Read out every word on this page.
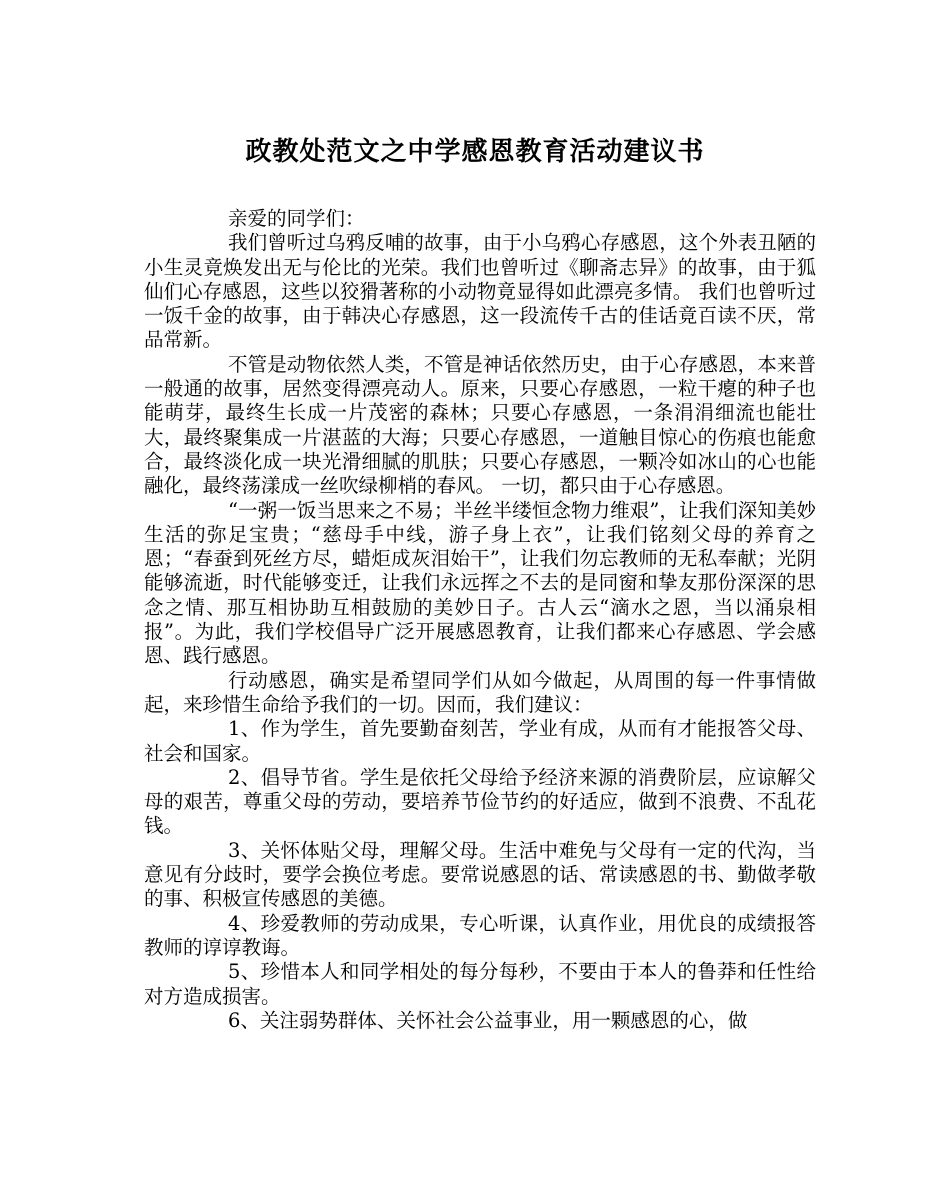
政教处范文之中学感恩教育活动建议书

亲爱的同学们：

我们曾听过乌鸦反哺的故事，由于小乌鸦心存感恩，这个外表丑陋的小生灵竟焕发出无与伦比的光荣。我们也曾听过《聊斋志异》的故事，由于狐仙们心存感恩，这些以狡猾著称的小动物竟显得如此漂亮多情。 我们也曾听过一饭千金的故事，由于韩决心存感恩，这一段流传千古的佳话竟百读不厌，常品常新。

不管是动物依然人类，不管是神话依然历史，由于心存感恩，本来普一般通的故事，居然变得漂亮动人。原来，只要心存感恩，一粒干瘪的种子也能萌芽，最终生长成一片茂密的森林；只要心存感恩，一条涓涓细流也能壮大，最终聚集成一片湛蓝的大海；只要心存感恩，一道触目惊心的伤痕也能愈合，最终淡化成一块光滑细腻的肌肤；只要心存感恩，一颗冷如冰山的心也能融化，最终荡漾成一丝吹绿柳梢的春风。 一切，都只由于心存感恩。

“一粥一饭当思来之不易；半丝半缕恒念物力维艰”，让我们深知美妙生活的弥足宝贵；“慈母手中线，游子身上衣”，让我们铭刻父母的养育之恩；“春蚕到死丝方尽，蜡炬成灰泪始干”，让我们勿忘教师的无私奉献；光阴能够流逝，时代能够变迁，让我们永远挥之不去的是同窗和挚友那份深深的思念之情、那互相协助互相鼓励的美妙日子。古人云“滴水之恩，当以涌泉相报”。为此，我们学校倡导广泛开展感恩教育，让我们都来心存感恩、学会感恩、践行感恩。

行动感恩，确实是希望同学们从如今做起，从周围的每一件事情做起，来珍惜生命给予我们的一切。因而，我们建议：

1、作为学生，首先要勤奋刻苦，学业有成，从而有才能报答父母、社会和国家。

2、倡导节省。学生是依托父母给予经济来源的消费阶层，应谅解父母的艰苦，尊重父母的劳动，要培养节俭节约的好适应，做到不浪费、不乱花钱。

3、关怀体贴父母，理解父母。生活中难免与父母有一定的代沟，当意见有分歧时，要学会换位考虑。要常说感恩的话、常读感恩的书、勤做孝敬的事、积极宣传感恩的美德。

4、珍爱教师的劳动成果，专心听课，认真作业，用优良的成绩报答教师的谆谆教诲。

5、珍惜本人和同学相处的每分每秒，不要由于本人的鲁莽和任性给对方造成损害。

6、关注弱势群体、关怀社会公益事业，用一颗感恩的心，做
